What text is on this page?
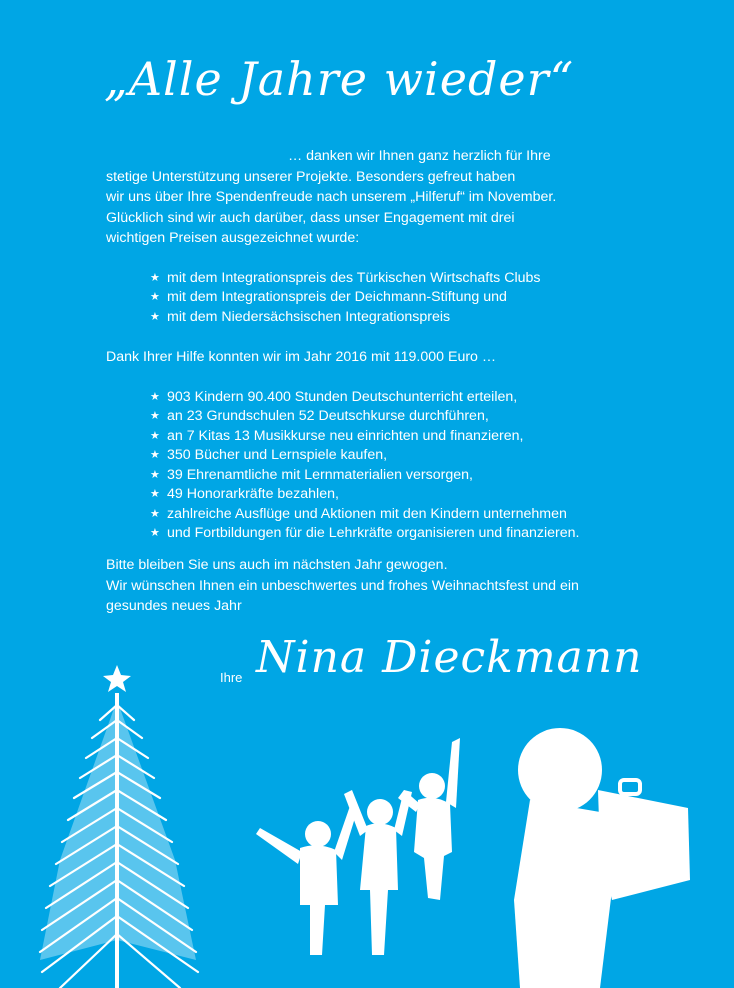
„Alle Jahre wieder“

… danken wir Ihnen ganz herzlich für Ihre

stetige Unterstützung unserer Projekte. Besonders gefreut haben

wir uns über Ihre Spendenfreude nach unserem „Hilferuf“ im November.

Glücklich sind wir auch darüber, dass unser Engagement mit drei

wichtigen Preisen ausgezeichnet wurde:

★ mit dem Integrationspreis des Türkischen Wirtschafts Clubs
★ mit dem Integrationspreis der Deichmann-Stiftung und
★ mit dem Niedersächsischen Integrationspreis

Dank Ihrer Hilfe konnten wir im Jahr 2016 mit 119.000 Euro …

★ 903 Kindern 90.400 Stunden Deutschunterricht erteilen,
★ an 23 Grundschulen 52 Deutschkurse durchführen,
★ an 7 Kitas 13 Musikkurse neu einrichten und finanzieren,
★ 350 Bücher und Lernspiele kaufen,
★ 39 Ehrenamtliche mit Lernmaterialien versorgen,
★ 49 Honorarkräfte bezahlen,
★ zahlreiche Ausflüge und Aktionen mit den Kindern unternehmen
★ und Fortbildungen für die Lehrkräfte organisieren und finanzieren.

Bitte bleiben Sie uns auch im nächsten Jahr gewogen.

Wir wünschen Ihnen ein unbeschwertes und frohes Weihnachtsfest und ein

gesundes neues Jahr

Ihre Nina Dieckmann
